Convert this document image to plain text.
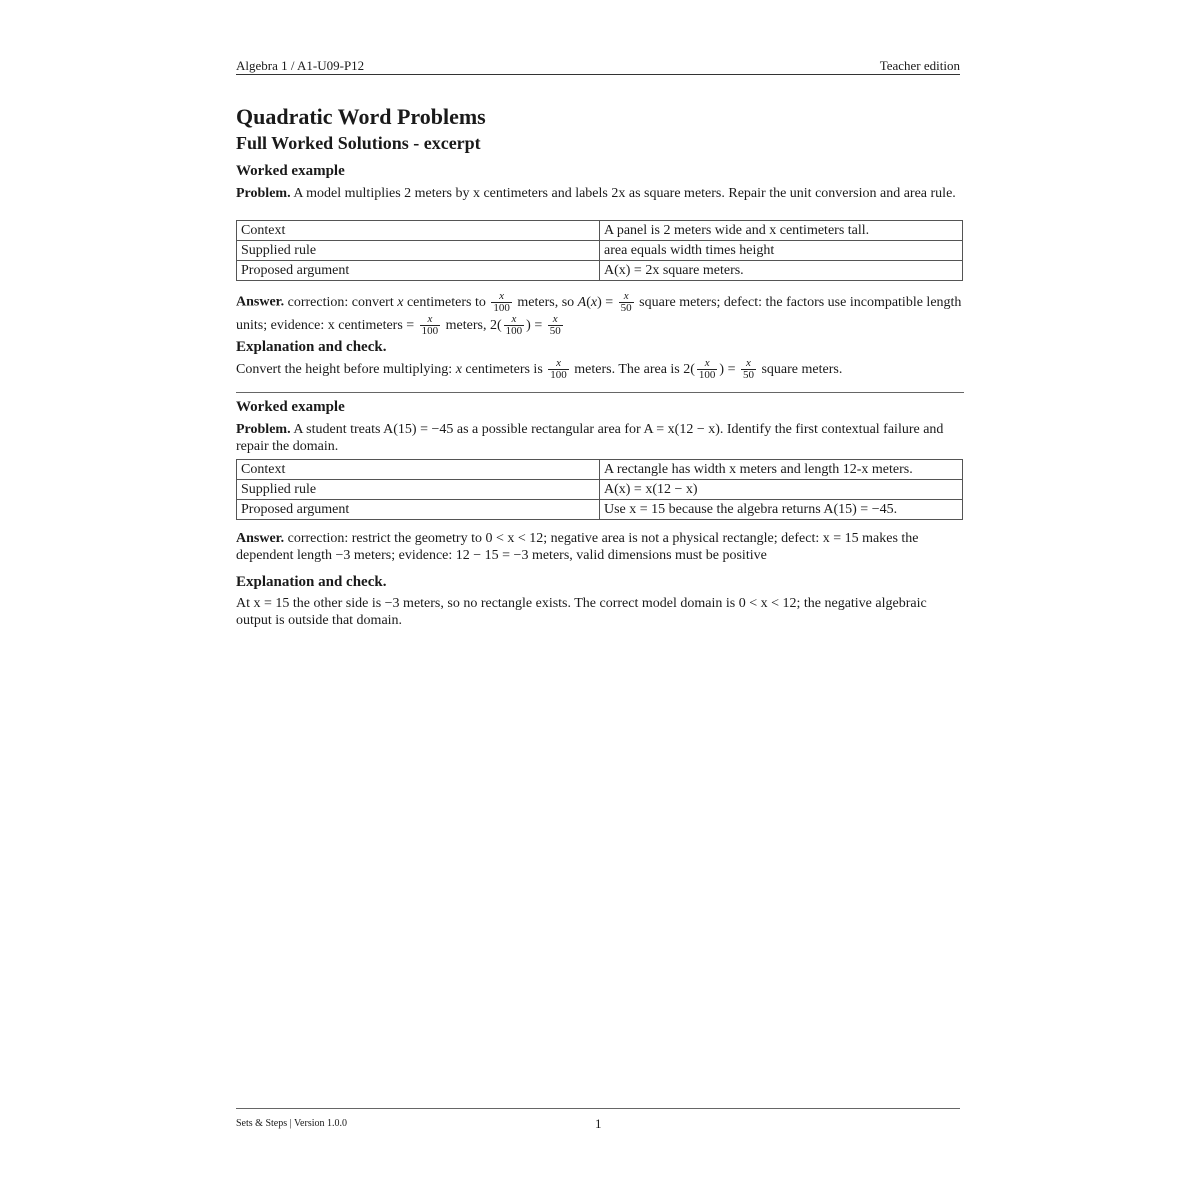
Algebra 1 / A1-U09-P12	Teacher edition
Quadratic Word Problems
Full Worked Solutions - excerpt
Worked example
Problem. A model multiplies 2 meters by x centimeters and labels 2x as square meters. Repair the unit conversion and area rule.
Context	A panel is 2 meters wide and x centimeters tall.
Supplied rule	area equals width times height
Proposed argument	A(x) = 2x square meters.
Answer. correction: convert x centimeters to $\frac{x}{100}$ meters, so $A(x) = \frac{x}{50}$ square meters; defect: the factors use incompatible length units; evidence: x centimeters = $\frac{x}{100}$ meters, $2( \frac{x}{100}$ ) = $\frac{x}{50}$
Explanation and check.
Convert the height before multiplying: x centimeters is $\frac{x}{100}$ meters. The area is $2( \frac{x}{100}$ ) = $\frac{x}{50}$ square meters.
Worked example
Problem. A student treats A(15) = −45 as a possible rectangular area for A = x(12 − x). Identify the first contextual failure and repair the domain.
Context	A rectangle has width x meters and length 12-x meters.
Supplied rule	A(x) = x(12 − x)
Proposed argument	Use x = 15 because the algebra returns A(15) = −45.
Answer. correction: restrict the geometry to 0 < x < 12; negative area is not a physical rectangle; defect: x = 15 makes the dependent length −3 meters; evidence: 12 − 15 = −3 meters, valid dimensions must be positive
Explanation and check.
At x = 15 the other side is −3 meters, so no rectangle exists. The correct model domain is 0 < x < 12; the negative algebraic output is outside that domain.
Sets & Steps | Version 1.0.0	1
